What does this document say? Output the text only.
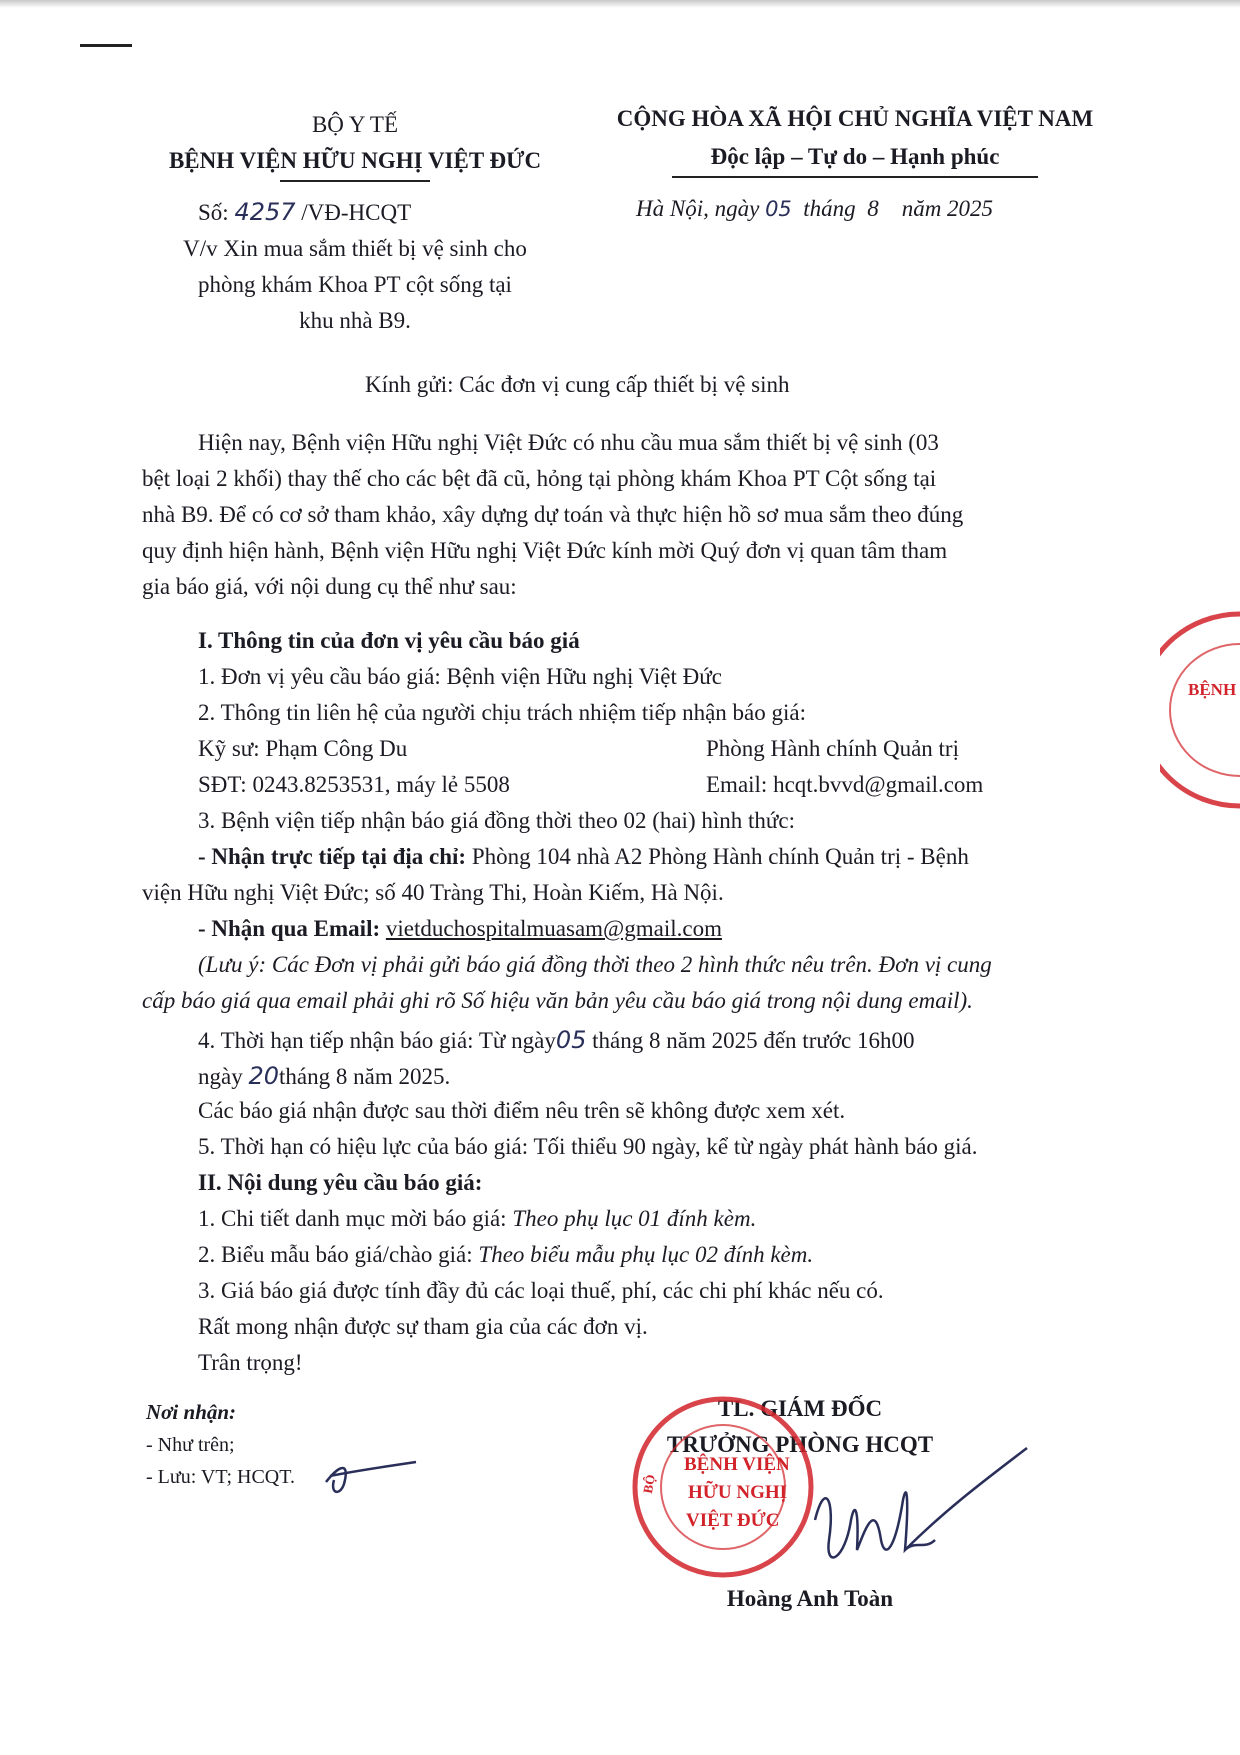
BỘ Y TẾ
BỆNH VIỆN HỮU NGHỊ VIỆT ĐỨC
Số: 4257 /VĐ-HCQT
V/v Xin mua sắm thiết bị vệ sinh cho
phòng khám Khoa PT cột sống tại
khu nhà B9.
CỘNG HÒA XÃ HỘI CHỦ NGHĨA VIỆT NAM
Độc lập – Tự do – Hạnh phúc
Hà Nội, ngày 05 tháng 8 năm 2025
Kính gửi: Các đơn vị cung cấp thiết bị vệ sinh
Hiện nay, Bệnh viện Hữu nghị Việt Đức có nhu cầu mua sắm thiết bị vệ sinh (03
bệt loại 2 khối) thay thế cho các bệt đã cũ, hỏng tại phòng khám Khoa PT Cột sống tại
nhà B9. Để có cơ sở tham khảo, xây dựng dự toán và thực hiện hồ sơ mua sắm theo đúng
quy định hiện hành, Bệnh viện Hữu nghị Việt Đức kính mời Quý đơn vị quan tâm tham
gia báo giá, với nội dung cụ thể như sau:
I. Thông tin của đơn vị yêu cầu báo giá
1. Đơn vị yêu cầu báo giá: Bệnh viện Hữu nghị Việt Đức
2. Thông tin liên hệ của người chịu trách nhiệm tiếp nhận báo giá:
Kỹ sư: Phạm Công Du	Phòng Hành chính Quản trị
SĐT: 0243.8253531, máy lẻ 5508	Email: hcqt.bvvd@gmail.com
3. Bệnh viện tiếp nhận báo giá đồng thời theo 02 (hai) hình thức:
- Nhận trực tiếp tại địa chỉ: Phòng 104 nhà A2 Phòng Hành chính Quản trị - Bệnh
viện Hữu nghị Việt Đức; số 40 Tràng Thi, Hoàn Kiếm, Hà Nội.
- Nhận qua Email: vietduchospitalmuasam@gmail.com
(Lưu ý: Các Đơn vị phải gửi báo giá đồng thời theo 2 hình thức nêu trên. Đơn vị cung
cấp báo giá qua email phải ghi rõ Số hiệu văn bản yêu cầu báo giá trong nội dung email).
4. Thời hạn tiếp nhận báo giá: Từ ngày05 tháng 8 năm 2025 đến trước 16h00
ngày 20tháng 8 năm 2025.
Các báo giá nhận được sau thời điểm nêu trên sẽ không được xem xét.
5. Thời hạn có hiệu lực của báo giá: Tối thiểu 90 ngày, kể từ ngày phát hành báo giá.
II. Nội dung yêu cầu báo giá:
1. Chi tiết danh mục mời báo giá: Theo phụ lục 01 đính kèm.
2. Biểu mẫu báo giá/chào giá: Theo biểu mẫu phụ lục 02 đính kèm.
3. Giá báo giá được tính đầy đủ các loại thuế, phí, các chi phí khác nếu có.
Rất mong nhận được sự tham gia của các đơn vị.
Trân trọng!
Nơi nhận:
- Như trên;
- Lưu: VT; HCQT.
TL. GIÁM ĐỐC
TRƯỞNG PHÒNG HCQT
Hoàng Anh Toàn
BỆNH VIỆN
HỮU NGHỊ
VIỆT ĐỨC
BỘ
BỆNH
